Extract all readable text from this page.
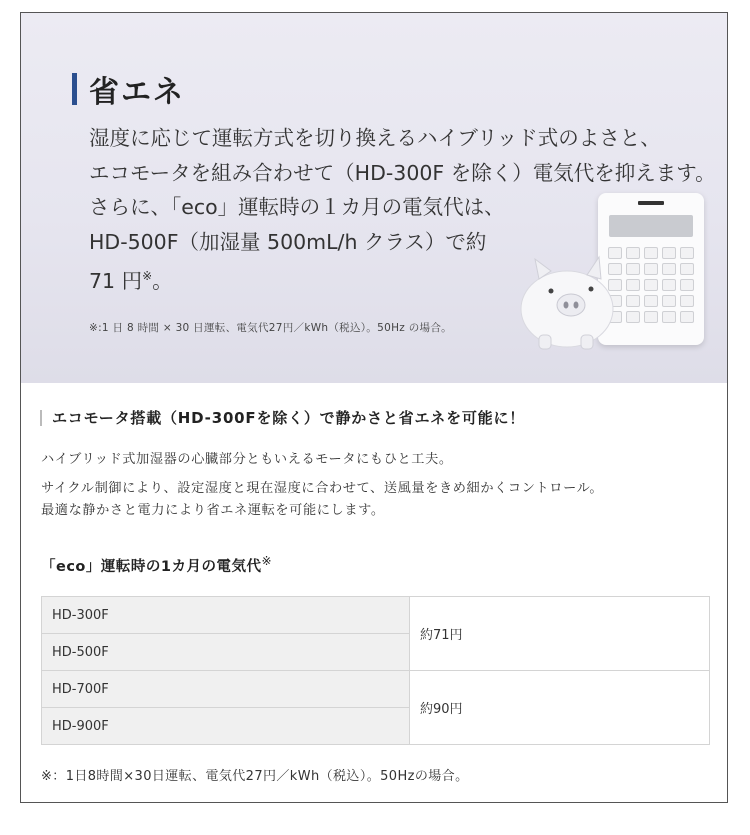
省エネ
湿度に応じて運転方式を切り換えるハイブリッド式のよさと、
エコモータを組み合わせて（HD-300F を除く）電気代を抑えます。
さらに、「eco」運転時の１カ月の電気代は、
HD-500F（加湿量 500mL/h クラス）で約
71 円※。
※:1 日 8 時間 × 30 日運転、電気代27円／kWh（税込）。50Hz の場合。
エコモータ搭載（HD-300Fを除く）で静かさと省エネを可能に！
ハイブリッド式加湿器の心臓部分ともいえるモータにもひと工夫。
サイクル制御により、設定湿度と現在湿度に合わせて、送風量をきめ細かくコントロール。
最適な静かさと電力により省エネ運転を可能にします。
「eco」運転時の1カ月の電気代※
HD-300F	約71円
HD-500F	
HD-700F	約90円
HD-900F	
※：1日8時間×30日運転、電気代27円／kWh（税込）。50Hzの場合。
